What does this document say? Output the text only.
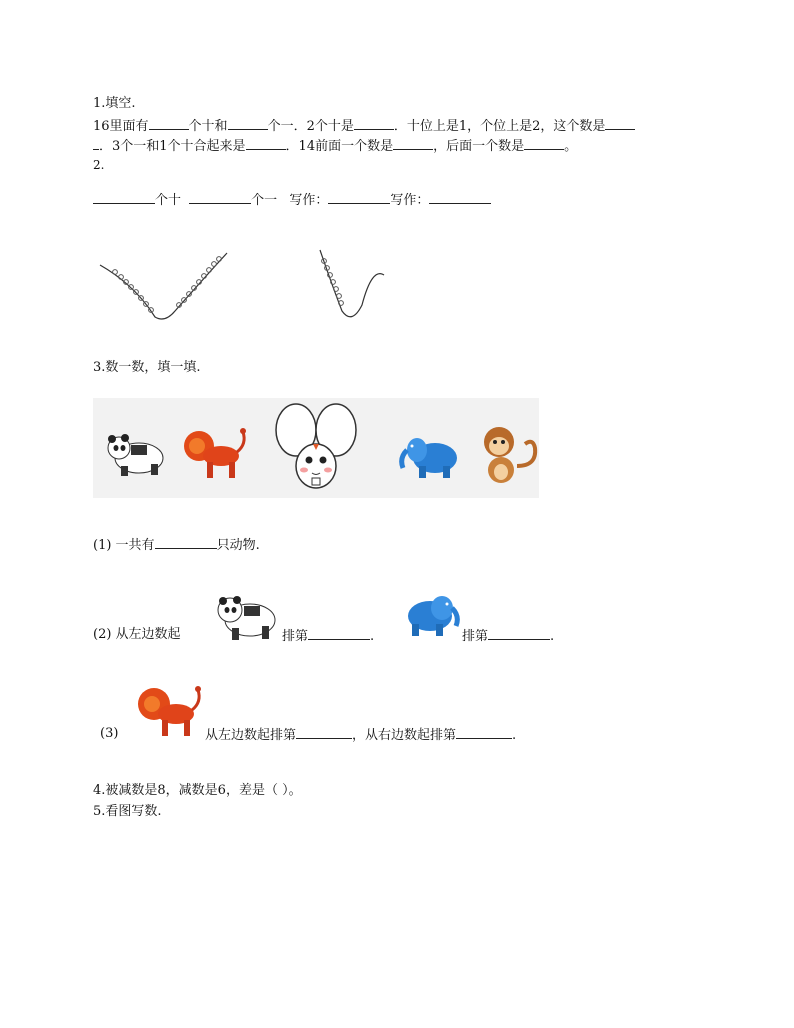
1.填空.
16里面有	个十和	个一．2个十是	．十位上是1，个位上是2，这个数是
．3个一和1个十合起来是	．14前面一个数是	，后面一个数是	。
2.
个十	个一 写作：	写作：
3.数一数，填一填.
(1) 一共有	只动物.
(2) 从左边数起	排第	.	排第	.
(3)	从左边数起排第	，从右边数起排第	.
4.被减数是8，减数是6，差是（ ）。
5.看图写数.
